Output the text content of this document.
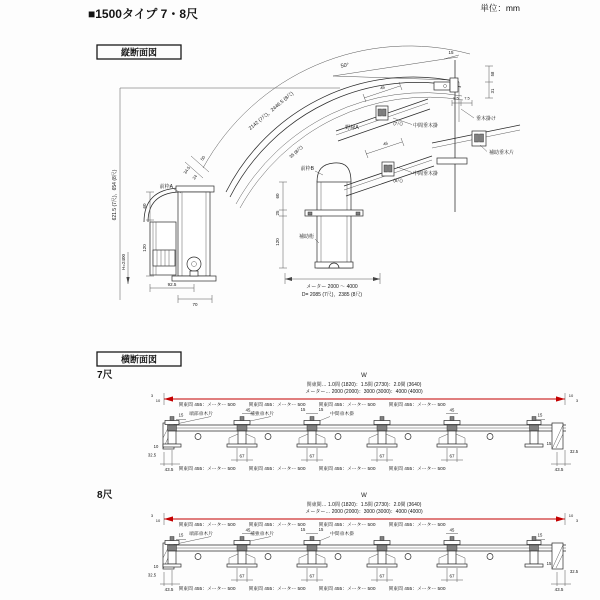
■1500タイプ 7・8尺	単位：mm
縦断面図
621.5 (7尺)，654 (8尺)
50°
15
2142 (7尺)，2446.5 (8尺)
35 (8尺)
50
34.5
24
前枠A
60
120
H=2400
92.5
70
前枠B
補助桁
60
25
120
メーター 2000 ～ 4000
D= 2085 (7尺)，2385 (8尺)
58
31
8.5 7.5
垂木掛け
46
野縁A
(7尺) 中間垂木掛
46
(8尺)
中間垂木掛
補助垂木片
横断面図
7尺
8尺
